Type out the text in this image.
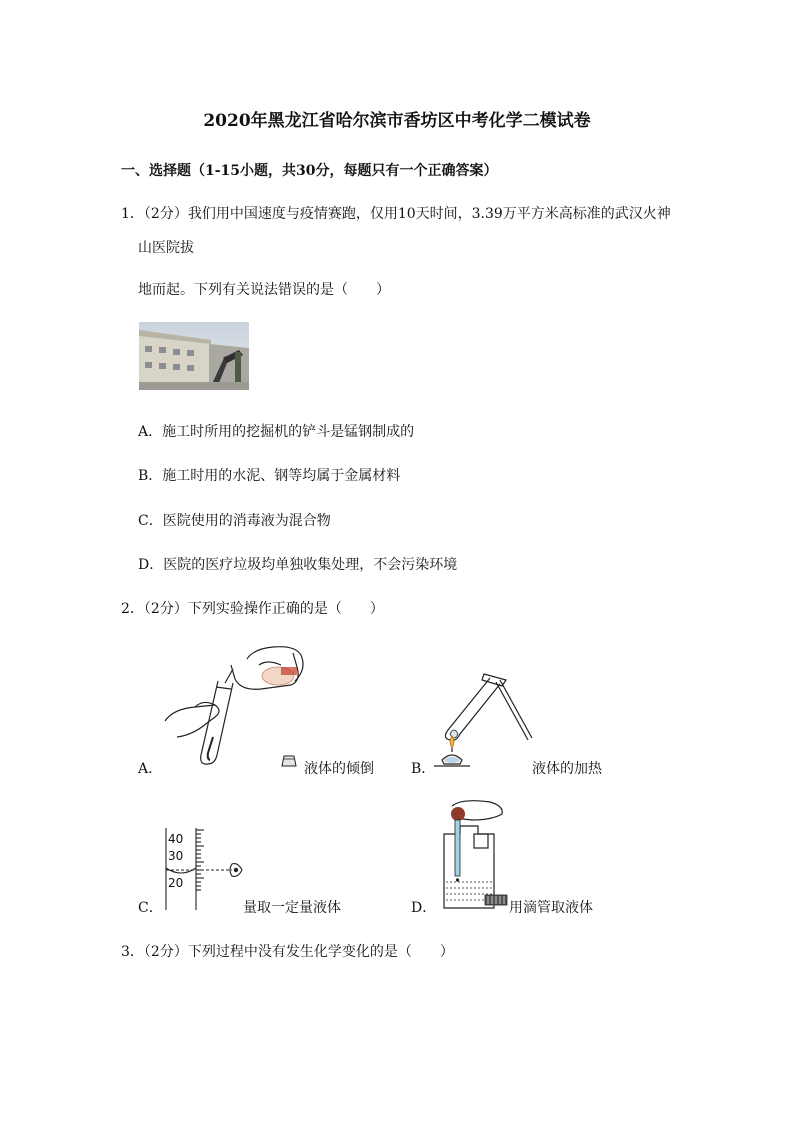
2020年黑龙江省哈尔滨市香坊区中考化学二模试卷
一、选择题（1-15小题，共30分，每题只有一个正确答案）
1．（2分）我们用中国速度与疫情赛跑，仅用10天时间，3.39万平方米高标准的武汉火神
山医院拔
地而起。下列有关说法错误的是（　　）
A．施工时所用的挖掘机的铲斗是锰钢制成的
B．施工时用的水泥、钢等均属于金属材料
C．医院使用的消毒液为混合物
D．医院的医疗垃圾均单独收集处理，不会污染环境
2．（2分）下列实验操作正确的是（　　）
A．	液体的倾倒	B．	液体的加热
C．
40
30
20
量取一定量液体	D．	用滴管取液体
3．（2分）下列过程中没有发生化学变化的是（　　）
